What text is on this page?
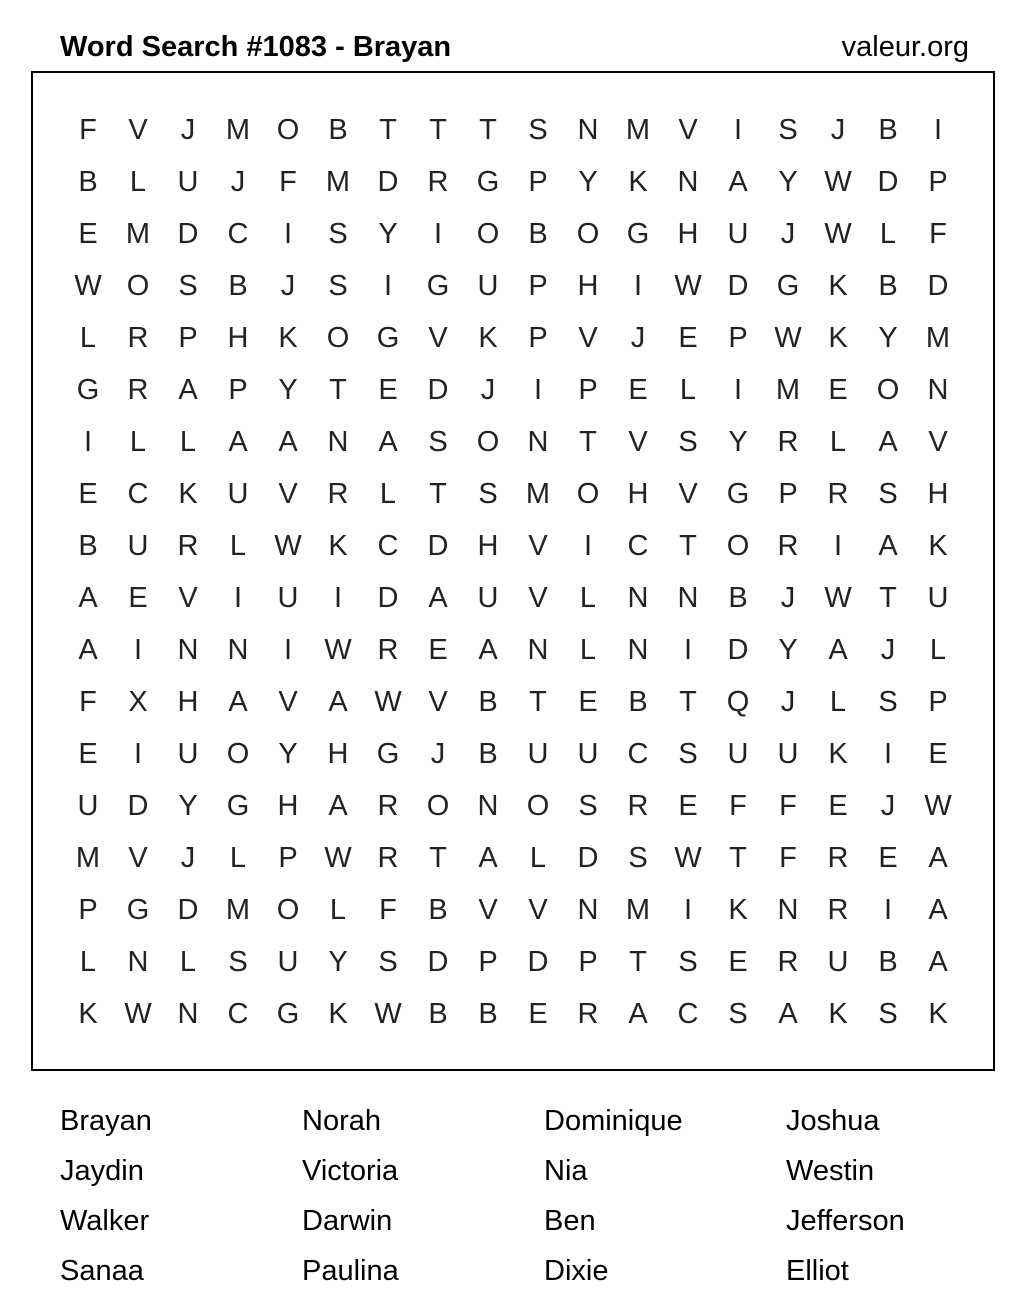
Word Search #1083 - Brayan	valeur.org
F	V	J	M O	B	T	T	T	S	N M V	I	S	J	B	I
B	L	U	J	F	M D	R G	P	Y	K	N	A	Y W D	P
E M D	C	I	S	Y	I	O	B	O G H	U	J	W L	F
W O	S	B	J	S	I	G U	P	H	I	W D G	K	B	D
L	R	P	H	K	O G	V	K	P	V	J	E	P W K	Y M
G R	A	P	Y	T	E	D	J	I	P	E	L	I	M E	O N
I	L	L	A	A	N	A	S	O N	T	V	S	Y	R	L	A	V
E	C	K	U	V	R	L	T	S M O H	V	G	P	R	S	H
B	U	R	L W K	C	D	H	V	I	C	T	O R	I	A	K
A	E	V	I	U	I	D	A	U	V	L	N	N	B	J	W T	U
A	I	N	N	I	W R	E	A	N	L	N	I	D	Y	A	J	L
F	X	H	A	V	A W V	B	T	E	B	T	Q	J	L	S	P
E	I	U O	Y	H G	J	B	U	U	C	S	U	U	K	I	E
U	D	Y	G H	A	R O N O	S	R	E	F	F	E	J	W
M V	J	L	P W R	T	A	L	D	S W T	F	R	E	A
P	G D M O	L	F	B	V	V	N M	I	K	N	R	I	A
L	N	L	S	U	Y	S	D	P	D	P	T	S	E	R	U	B	A
K W N	C G	K W B	B	E	R	A	C	S	A	K	S	K
Brayan	Norah	Dominique	Joshua
Jaydin	Victoria	Nia	Westin
Walker	Darwin	Ben	Jefferson
Sanaa	Paulina	Dixie	Elliot
